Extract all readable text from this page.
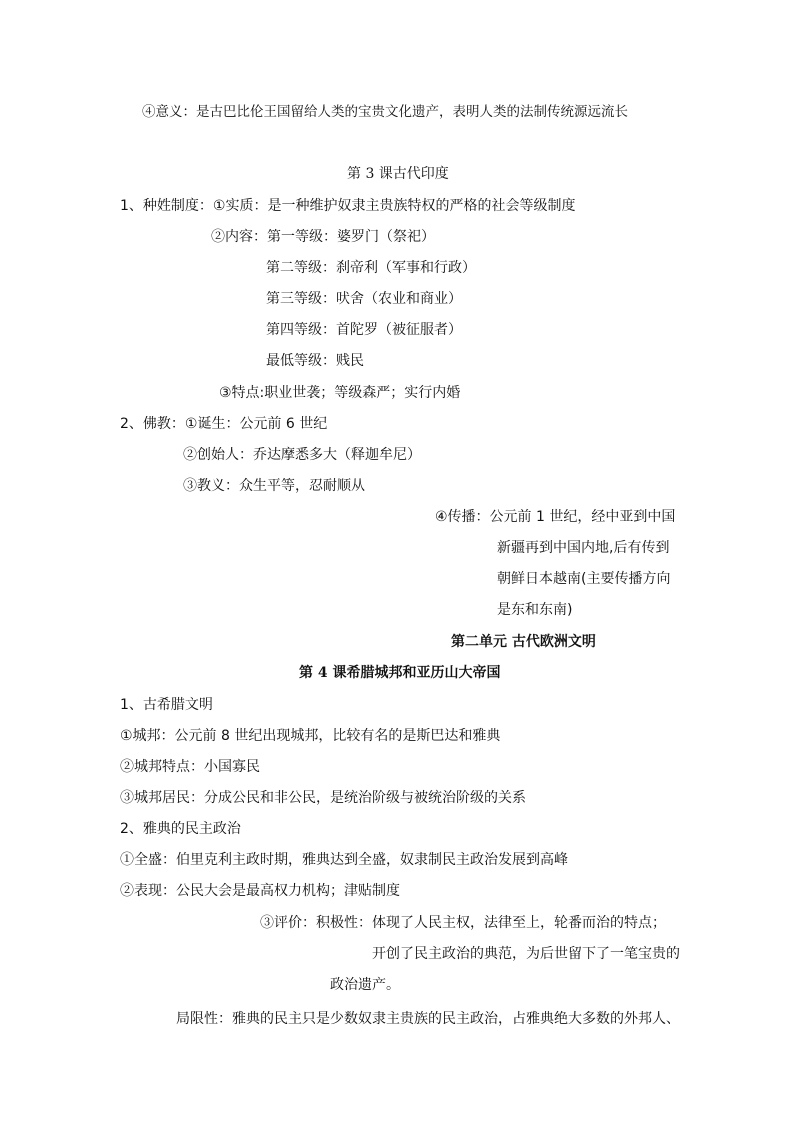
④意义：是古巴比伦王国留给人类的宝贵文化遗产，表明人类的法制传统源远流长
第 3 课古代印度
1、种姓制度：①实质：是一种维护奴隶主贵族特权的严格的社会等级制度
②内容：第一等级：婆罗门（祭祀）
第二等级：刹帝利（军事和行政）
第三等级：吠舍（农业和商业）
第四等级：首陀罗（被征服者）
最低等级：贱民
③特点:职业世袭；等级森严；实行内婚
2、佛教：①诞生：公元前 6 世纪
②创始人：乔达摩悉多大（释迦牟尼）
③教义：众生平等，忍耐顺从
④传播：公元前 1 世纪，经中亚到中国
新疆再到中国内地,后有传到
朝鲜日本越南(主要传播方向
是东和东南)
第二单元 古代欧洲文明
第 4 课希腊城邦和亚历山大帝国
1、古希腊文明
①城邦：公元前 8 世纪出现城邦，比较有名的是斯巴达和雅典
②城邦特点：小国寡民
③城邦居民：分成公民和非公民，是统治阶级与被统治阶级的关系
2、雅典的民主政治
①全盛：伯里克利主政时期，雅典达到全盛，奴隶制民主政治发展到高峰
②表现：公民大会是最高权力机构；津贴制度
③评价：积极性：体现了人民主权，法律至上，轮番而治的特点；
开创了民主政治的典范，为后世留下了一笔宝贵的
政治遗产。
局限性：雅典的民主只是少数奴隶主贵族的民主政治，占雅典绝大多数的外邦人、
